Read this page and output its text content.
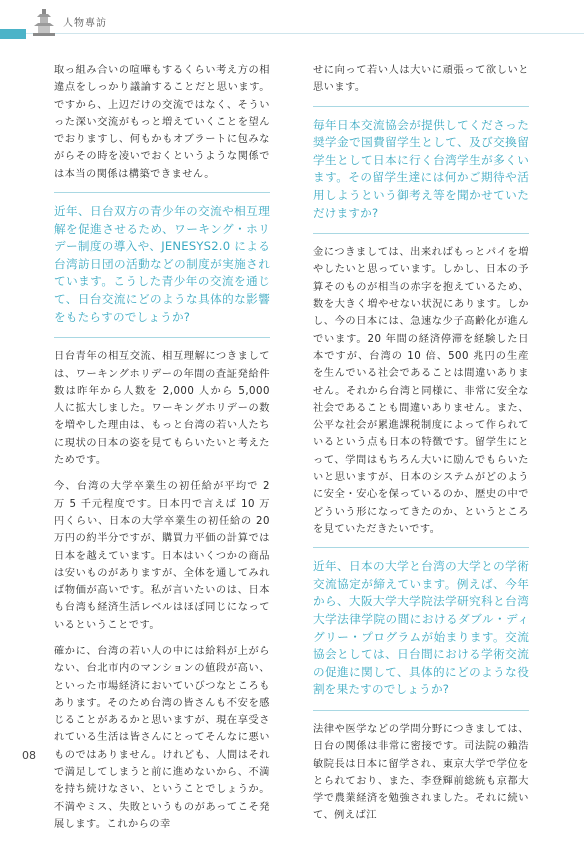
人物專訪

取っ組み合いの喧嘩もするくらい考え方の相違点をしっかり議論することだと思います。ですから、上辺だけの交流ではなく、そういった深い交流がもっと増えていくことを望んでおりますし、何もかもオブラートに包みながらその時を凌いでおくというような関係では本当の関係は構築できません。

近年、日台双方の青少年の交流や相互理解を促進させるため、ワーキング・ホリデー制度の導入や、JENESYS2.0 による台湾訪日団の活動などの制度が実施されています。こうした青少年の交流を通じて、日台交流にどのような具体的な影響をもたらすのでしょうか?

日台青年の相互交流、相互理解につきましては、ワーキングホリデーの年間の査証発給件数は昨年から人数を 2,000 人から 5,000 人に拡大しました。ワーキングホリデーの数を増やした理由は、もっと台湾の若い人たちに現状の日本の姿を見てもらいたいと考えたためです。

今、台湾の大学卒業生の初任給が平均で 2 万 5 千元程度です。日本円で言えば 10 万円くらい、日本の大学卒業生の初任給の 20 万円の約半分ですが、購買力平価の計算では日本を越えています。日本はいくつかの商品は安いものがありますが、全体を通してみれば物価が高いです。私が言いたいのは、日本も台湾も経済生活レベルはほぼ同じになっているということです。

確かに、台湾の若い人の中には給料が上がらない、台北市内のマンションの値段が高い、といった市場経済においていびつなところもあります。そのため台湾の皆さんも不安を感じることがあるかと思いますが、現在享受されている生活は皆さんにとってそんなに悪いものではありません。けれども、人間はそれで満足してしまうと前に進めないから、不満を持ち続けなさい、ということでしょうか。不満やミス、失敗というものがあってこそ発展します。これからの幸

せに向って若い人は大いに頑張って欲しいと思います。

毎年日本交流協会が提供してくださった奨学金で国費留学生として、及び交換留学生として日本に行く台湾学生が多くいます。その留学生達には何かご期待や活用しようという御考え等を聞かせていただけますか?

金につきましては、出来ればもっとパイを増やしたいと思っています。しかし、日本の予算そのものが相当の赤字を抱えているため、数を大きく増やせない状況にあります。しかし、今の日本には、急速な少子高齢化が進んでいます。20 年間の経済停滞を経験した日本ですが、台湾の 10 倍、500 兆円の生産を生んでいる社会であることは間違いありません。それから台湾と同様に、非常に安全な社会であることも間違いありません。また、公平な社会が累進課税制度によって作られているという点も日本の特徴です。留学生にとって、学問はもちろん大いに励んでもらいたいと思いますが、日本のシステムがどのように安全・安心を保っているのか、歴史の中でどういう形になってきたのか、というところを見ていただきたいです。

近年、日本の大学と台湾の大学との学術交流協定が締えています。例えば、今年から、大阪大学大学院法学研究科と台湾大学法律学院の間におけるダブル・ディグリー・プログラムが始まります。交流協会としては、日台間における学術交流の促進に関して、具体的にどのような役割を果たすのでしょうか?

法律や医学などの学問分野につきましては、日台の関係は非常に密接です。司法院の賴浩敏院長は日本に留学され、東京大学で学位をとられており、また、李登輝前総統も京都大学で農業経済を勉強されました。それに続いて、例えば江

08
